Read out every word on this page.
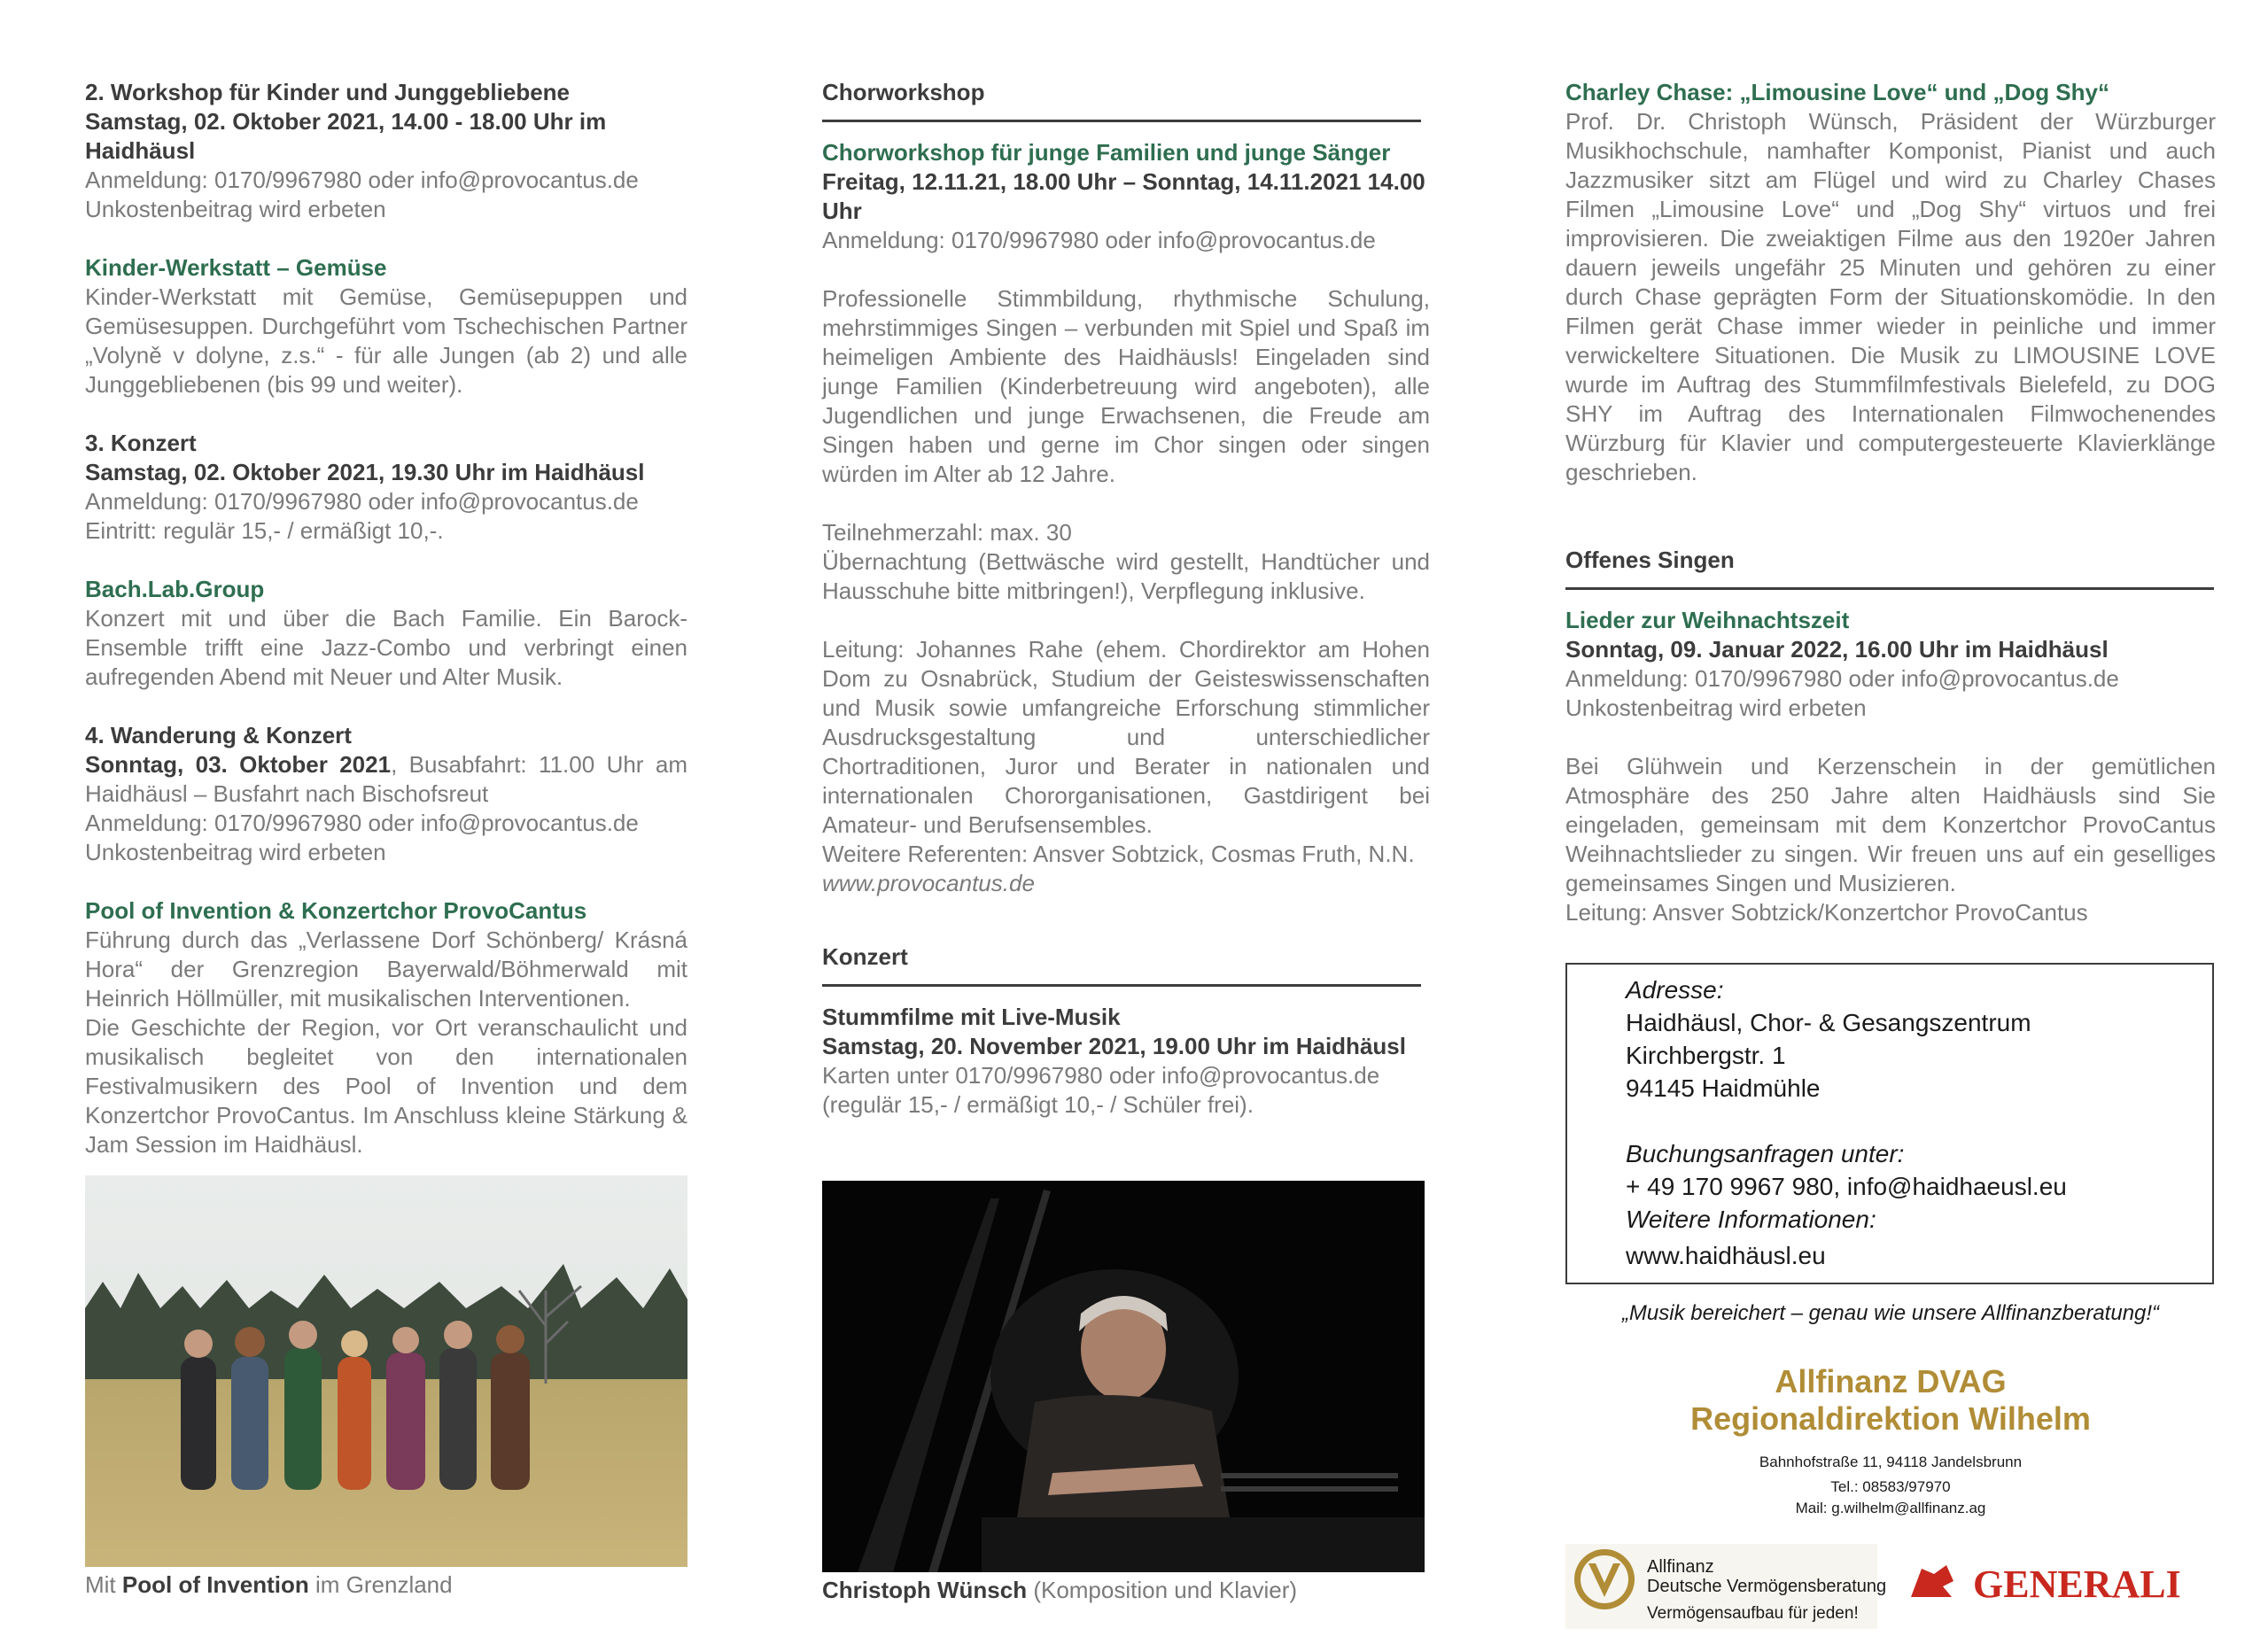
2. Workshop für Kinder und Junggebliebene
Samstag, 02. Oktober 2021, 14.00 - 18.00 Uhr im Haidhäusl
Anmeldung: 0170/9967980 oder info@provocantus.de
Unkostenbeitrag wird erbeten
Kinder-Werkstatt – Gemüse
Kinder-Werkstatt mit Gemüse, Gemüsepuppen und Gemüsesuppen. Durchgeführt vom Tschechischen Partner „Volyně v dolyne, z.s.“ - für alle Jungen (ab 2) und alle Junggebliebenen (bis 99 und weiter).
3. Konzert
Samstag, 02. Oktober 2021, 19.30 Uhr im Haidhäusl
Anmeldung: 0170/9967980 oder info@provocantus.de
Eintritt: regulär 15,- / ermäßigt 10,-.
Bach.Lab.Group
Konzert mit und über die Bach Familie. Ein Barock-Ensemble trifft eine Jazz-Combo und verbringt einen aufregenden Abend mit Neuer und Alter Musik.
4. Wanderung & Konzert
Sonntag, 03. Oktober 2021, Busabfahrt: 11.00 Uhr am Haidhäusl – Busfahrt nach Bischofsreut
Anmeldung: 0170/9967980 oder info@provocantus.de
Unkostenbeitrag wird erbeten
Pool of Invention & Konzertchor ProvoCantus
Führung durch das „Verlassene Dorf Schönberg/ Krásná Hora“ der Grenzregion Bayerwald/Böhmerwald mit Heinrich Höllmüller, mit musikalischen Interventionen.
Die Geschichte der Region, vor Ort veranschaulicht und musikalisch begleitet von den internationalen Festivalmusikern des Pool of Invention und dem Konzertchor ProvoCantus. Im Anschluss kleine Stärkung & Jam Session im Haidhäusl.
Mit Pool of Invention im Grenzland
Chorworkshop
Chorworkshop für junge Familien und junge Sänger
Freitag, 12.11.21, 18.00 Uhr – Sonntag, 14.11.2021 14.00 Uhr
Anmeldung: 0170/9967980 oder info@provocantus.de
Professionelle Stimmbildung, rhythmische Schulung, mehrstimmiges Singen – verbunden mit Spiel und Spaß im heimeligen Ambiente des Haidhäusls! Eingeladen sind junge Familien (Kinderbetreuung wird angeboten), alle Jugendlichen und junge Erwachsenen, die Freude am Singen haben und gerne im Chor singen oder singen würden im Alter ab 12 Jahre.
Teilnehmerzahl: max. 30
Übernachtung (Bettwäsche wird gestellt, Handtücher und Hausschuhe bitte mitbringen!), Verpflegung inklusive.
Leitung: Johannes Rahe (ehem. Chordirektor am Hohen Dom zu Osnabrück, Studium der Geisteswissenschaften und Musik sowie umfangreiche Erforschung stimmlicher Ausdrucksgestaltung und unterschiedlicher Chortraditionen, Juror und Berater in nationalen und internationalen Chororganisationen, Gastdirigent bei Amateur- und Berufsensembles.
Weitere Referenten: Ansver Sobtzick, Cosmas Fruth, N.N.
www.provocantus.de
Konzert
Stummfilme mit Live-Musik
Samstag, 20. November 2021, 19.00 Uhr im Haidhäusl
Karten unter 0170/9967980 oder info@provocantus.de
(regulär 15,- / ermäßigt 10,- / Schüler frei).
Christoph Wünsch (Komposition und Klavier)
Charley Chase: „Limousine Love“ und „Dog Shy“
Prof. Dr. Christoph Wünsch, Präsident der Würzburger Musikhochschule, namhafter Komponist, Pianist und auch Jazzmusiker sitzt am Flügel und wird zu Charley Chases Filmen „Limousine Love“ und „Dog Shy“ virtuos und frei improvisieren. Die zweiaktigen Filme aus den 1920er Jahren dauern jeweils ungefähr 25 Minuten und gehören zu einer durch Chase geprägten Form der Situationskomödie. In den Filmen gerät Chase immer wieder in peinliche und immer verwickeltere Situationen. Die Musik zu LIMOUSINE LOVE wurde im Auftrag des Stummfilmfestivals Bielefeld, zu DOG SHY im Auftrag des Internationalen Filmwochenendes Würzburg für Klavier und computergesteuerte Klavierklänge geschrieben.
Offenes Singen
Lieder zur Weihnachtszeit
Sonntag, 09. Januar 2022, 16.00 Uhr im Haidhäusl
Anmeldung: 0170/9967980 oder info@provocantus.de
Unkostenbeitrag wird erbeten
Bei Glühwein und Kerzenschein in der gemütlichen Atmosphäre des 250 Jahre alten Haidhäusls sind Sie eingeladen, gemeinsam mit dem Konzertchor ProvoCantus Weihnachtslieder zu singen. Wir freuen uns auf ein geselliges gemeinsames Singen und Musizieren.
Leitung: Ansver Sobtzick/Konzertchor ProvoCantus
Adresse:
Haidhäusl, Chor- & Gesangszentrum
Kirchbergstr. 1
94145 Haidmühle
Buchungsanfragen unter:
+ 49 170 9967 980, info@haidhaeusl.eu
Weitere Informationen:
www.haidhäusl.eu
„Musik bereichert – genau wie unsere Allfinanzberatung!“
Allfinanz DVAG
Regionaldirektion Wilhelm
Bahnhofstraße 11, 94118 Jandelsbrunn
Tel.: 08583/97970
Mail: g.wilhelm@allfinanz.ag
Allfinanz
Deutsche Vermögensberatung
Vermögensaufbau für jeden!
GENERALI
